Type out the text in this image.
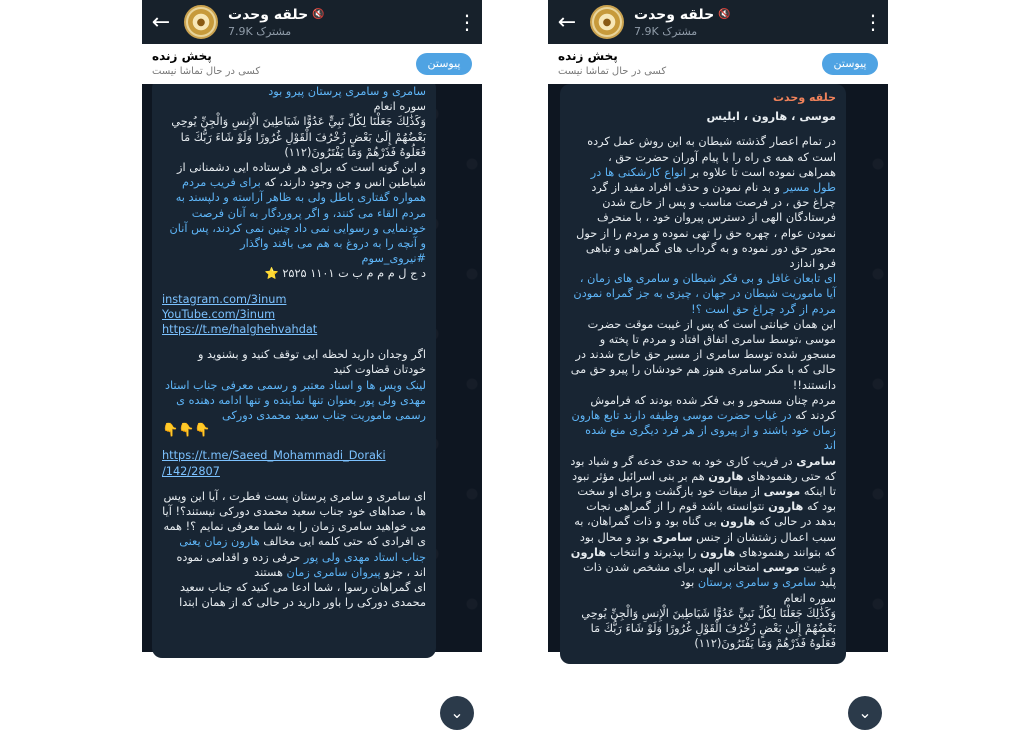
سامری و سامری پرستان پیرو بود
سوره انعام
وَكَذَٰلِكَ جَعَلْنَا لِكُلِّ نَبِيٍّ عَدُوًّا شَيَاطِينَ الْإِنسِ وَالْجِنِّ يُوحِي بَعْضُهُمْ إِلَىٰ بَعْضٍ زُخْرُفَ الْقَوْلِ غُرُورًا وَلَوْ شَاءَ رَبُّكَ مَا فَعَلُوهُ فَذَرْهُمْ وَمَا يَفْتَرُونَ(١١٢)
و این گونه است که برای هر فرستاده ایی دشمنانی از شیاطین انس و جن وجود دارند، که برای فریب مردم همواره گفتاری باطل ولی به ظاهر آراسته و دلپسند به مردم القاء می کنند، و اگر پروردگار به آنان فرصت خودنمایی و رسوایی نمی داد چنین نمی کردند، پس آنان و آنچه را به دروغ به هم می بافند واگذار
#نیروی_سوم
د ج ل م م م ب ت ۱۱۰۱ ۲۵۲۵ ⭐
instagram.com/3inum
YouTube.com/3inum
https://t.me/halghehvahdat
اگر وجدان دارید لحظه ایی توقف کنید و بشنوید و خودتان قضاوت کنید
لینک ویس ها و اسناد معتبر و رسمی معرفی جناب استاد مهدی ولی پور بعنوان تنها نماینده و تنها ادامه دهنده ی رسمی ماموریت جناب سعید محمدی دورکی
👇👇👇
https://t.me/Saeed_Mohammadi_Doraki
/142/2807
ای سامری و سامری پرستان پست فطرت ، آیا این ویس ها ، صداهای خود جناب سعید محمدی دورکی نیستند؟! آیا می خواهید سامری زمان را به شما معرفی نمایم ؟! همه ی افرادی که حتی کلمه ایی مخالف هارون زمان یعنی جناب استاد مهدی ولی پور حرفی زده و اقدامی نموده اند ، جزو پیروان سامری زمان هستند
ای گمراهان رسوا ، شما ادعا می کنید که جناب سعید محمدی دورکی را باور دارید در حالی که از همان ابتدا
⌄
←	●	حلقه وحدت 🔇
7.9K مشترک	⋮
پخش زنده
کسی در حال تماشا نیست
پیوستن
حلقه وحدت
موسی ، هارون ، ابلیس
در تمام اعصار گذشته شیطان به این روش عمل کرده است که همه ی راه را با پیام آوران حضرت حق ، همراهی نموده است تا علاوه بر انواع کارشکنی ها در طول مسیر و بد نام نمودن و حذف افراد مفید از گرد چراغ حق ، در فرصت مناسب و پس از خارج شدن فرستادگان الهی از دسترس پیروان خود ، با منحرف نمودن عوام ، چهره حق را تهی نموده و مردم را از حول محور حق دور نموده و به گرداب های گمراهی و تباهی فرو اندازد
ای تابعان غافل و بی فکر شیطان و سامری های زمان ، آیا ماموریت شیطان در جهان ، چیزی به جز گمراه نمودن مردم از گرد چراغ حق است ؟!
این همان خیانتی است که پس از غیبت موقت حضرت موسی ،توسط سامری اتفاق افتاد و مردم تا پخته و مسجور شده توسط سامری از مسیر حق خارج شدند در حالی که با مکر سامری هنوز هم خودشان را پیرو حق می دانستند!!
مردم چنان مسحور و بی فکر شده بودند که فراموش کردند که در غیاب حضرت موسی وظیفه دارند تابع هارون زمان خود باشند و از پیروی از هر فرد دیگری منع شده اند
سامری در فریب کاری خود به حدی خدعه گر و شیاد بود که حتی رهنمودهای هارون هم بر بنی اسرائیل مؤثر نبود تا اینکه موسی از میقات خود بازگشت و برای او سخت بود که هارون نتوانسته باشد قوم را از گمراهی نجات بدهد در حالی که هارون بی گناه بود و ذات گمراهان، به سبب اعمال زشتشان از جنس سامری بود و محال بود که بتوانند رهنمودهای هارون را بپذیرند و انتخاب هارون و غیبت موسی امتحانی الهی برای مشخص شدن ذات پلید سامری و سامری پرستان بود
سوره انعام
وَكَذَٰلِكَ جَعَلْنَا لِكُلِّ نَبِيٍّ عَدُوًّا شَيَاطِينَ الْإِنسِ وَالْجِنِّ يُوحِي بَعْضُهُمْ إِلَىٰ بَعْضٍ زُخْرُفَ الْقَوْلِ غُرُورًا وَلَوْ شَاءَ رَبُّكَ مَا فَعَلُوهُ فَذَرْهُمْ وَمَا يَفْتَرُونَ(١١٢)
⌄
←	●	حلقه وحدت 🔇
7.9K مشترک	⋮
پخش زنده
کسی در حال تماشا نیست
پیوستن
